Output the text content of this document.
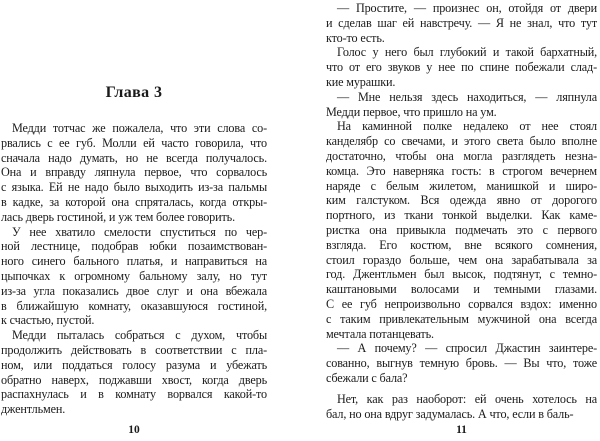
Глава 3
Медди тотчас же пожалела, что эти слова со-
рвались с ее губ. Молли ей часто говорила, что
сначала надо думать, но не всегда получалось.
Она и вправду ляпнула первое, что сорвалось
с языка. Ей не надо было выходить из-за пальмы
в кадке, за которой она спряталась, когда откры-
лась дверь гостиной, и уж тем более говорить.
У нее хватило смелости спуститься по чер-
ной лестнице, подобрав юбки позаимствован-
ного синего бального платья, и направиться на
цыпочках к огромному бальному залу, но тут
из-за угла показались двое слуг и она вбежала
в ближайшую комнату, оказавшуюся гостиной,
к счастью, пустой.
Медди пыталась собраться с духом, чтобы
продолжить действовать в соответствии с пла-
ном, или поддаться голосу разума и убежать
обратно наверх, поджавши хвост, когда дверь
распахнулась и в комнату ворвался какой-то
джентльмен.
10
— Простите, — произнес он, отойдя от двери
и сделав шаг ей навстречу. — Я не знал, что тут
кто-то есть.
Голос у него был глубокий и такой бархатный,
что от его звуков у нее по спине побежали слад-
кие мурашки.
— Мне нельзя здесь находиться, — ляпнула
Медди первое, что пришло на ум.
На каминной полке недалеко от нее стоял
канделябр со свечами, и этого света было вполне
достаточно, чтобы она могла разглядеть незна-
комца. Это наверняка гость: в строгом вечернем
наряде с белым жилетом, манишкой и широ-
ким галстуком. Вся одежда явно от дорогого
портного, из ткани тонкой выделки. Как каме-
ристка она привыкла подмечать это с первого
взгляда. Его костюм, вне всякого сомнения,
стоил гораздо больше, чем она зарабатывала за
год. Джентльмен был высок, подтянут, с темно-
каштановыми волосами и темными глазами.
С ее губ непроизвольно сорвался вздох: именно
с таким привлекательным мужчиной она всегда
мечтала потанцевать.
— А почему? — спросил Джастин заинтере-
сованно, выгнув темную бровь. — Вы что, тоже
сбежали с бала?
Нет, как раз наоборот: ей очень хотелось на
бал, но она вдруг задумалась. А что, если в баль-
11
